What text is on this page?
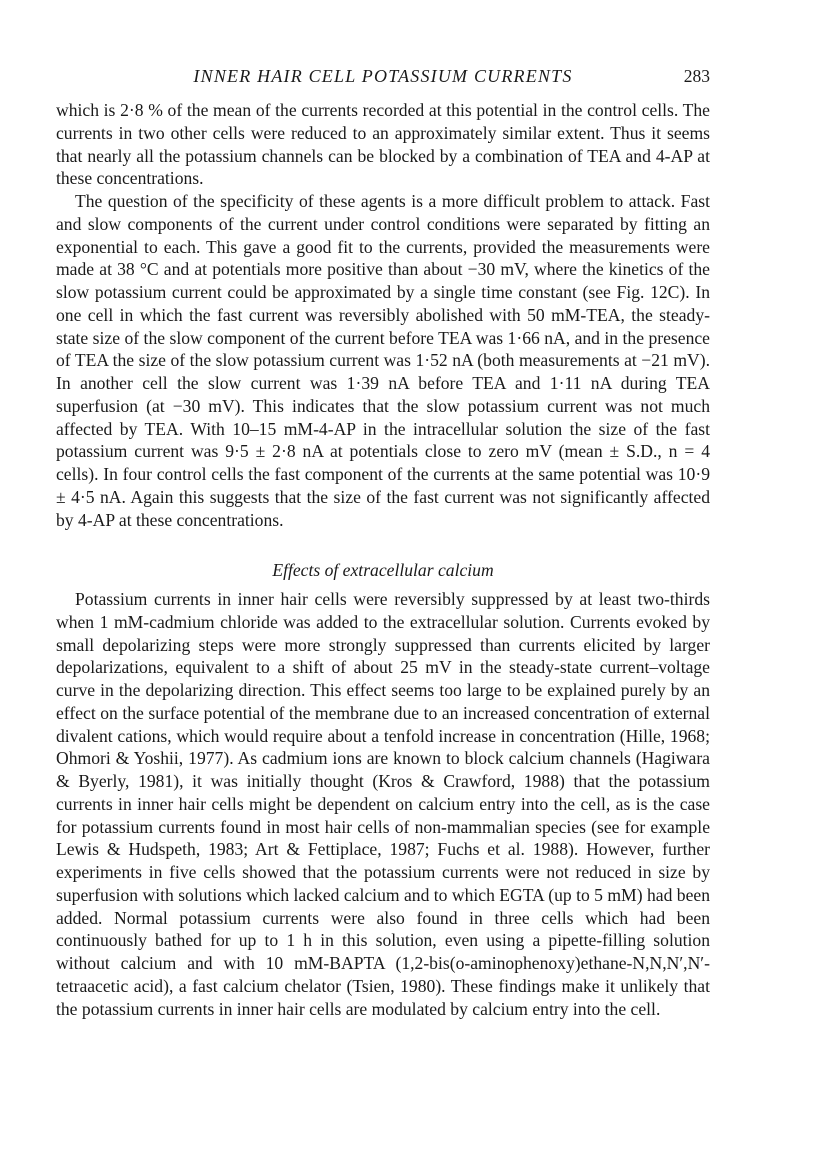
INNER HAIR CELL POTASSIUM CURRENTS	283

which is 2·8 % of the mean of the currents recorded at this potential in the control cells. The currents in two other cells were reduced to an approximately similar extent. Thus it seems that nearly all the potassium channels can be blocked by a combination of TEA and 4-AP at these concentrations.

The question of the specificity of these agents is a more difficult problem to attack. Fast and slow components of the current under control conditions were separated by fitting an exponential to each. This gave a good fit to the currents, provided the measurements were made at 38 °C and at potentials more positive than about −30 mV, where the kinetics of the slow potassium current could be approximated by a single time constant (see Fig. 12C). In one cell in which the fast current was reversibly abolished with 50 mM-TEA, the steady-state size of the slow component of the current before TEA was 1·66 nA, and in the presence of TEA the size of the slow potassium current was 1·52 nA (both measurements at −21 mV). In another cell the slow current was 1·39 nA before TEA and 1·11 nA during TEA superfusion (at −30 mV). This indicates that the slow potassium current was not much affected by TEA. With 10–15 mM-4-AP in the intracellular solution the size of the fast potassium current was 9·5 ± 2·8 nA at potentials close to zero mV (mean ± S.D., n = 4 cells). In four control cells the fast component of the currents at the same potential was 10·9 ± 4·5 nA. Again this suggests that the size of the fast current was not significantly affected by 4-AP at these concentrations.

Effects of extracellular calcium

Potassium currents in inner hair cells were reversibly suppressed by at least two-thirds when 1 mM-cadmium chloride was added to the extracellular solution. Currents evoked by small depolarizing steps were more strongly suppressed than currents elicited by larger depolarizations, equivalent to a shift of about 25 mV in the steady-state current–voltage curve in the depolarizing direction. This effect seems too large to be explained purely by an effect on the surface potential of the membrane due to an increased concentration of external divalent cations, which would require about a tenfold increase in concentration (Hille, 1968; Ohmori & Yoshii, 1977). As cadmium ions are known to block calcium channels (Hagiwara & Byerly, 1981), it was initially thought (Kros & Crawford, 1988) that the potassium currents in inner hair cells might be dependent on calcium entry into the cell, as is the case for potassium currents found in most hair cells of non-mammalian species (see for example Lewis & Hudspeth, 1983; Art & Fettiplace, 1987; Fuchs et al. 1988). However, further experiments in five cells showed that the potassium currents were not reduced in size by superfusion with solutions which lacked calcium and to which EGTA (up to 5 mM) had been added. Normal potassium currents were also found in three cells which had been continuously bathed for up to 1 h in this solution, even using a pipette-filling solution without calcium and with 10 mM-BAPTA (1,2-bis(o-aminophenoxy)ethane-N,N,N′,N′-tetraacetic acid), a fast calcium chelator (Tsien, 1980). These findings make it unlikely that the potassium currents in inner hair cells are modulated by calcium entry into the cell.
